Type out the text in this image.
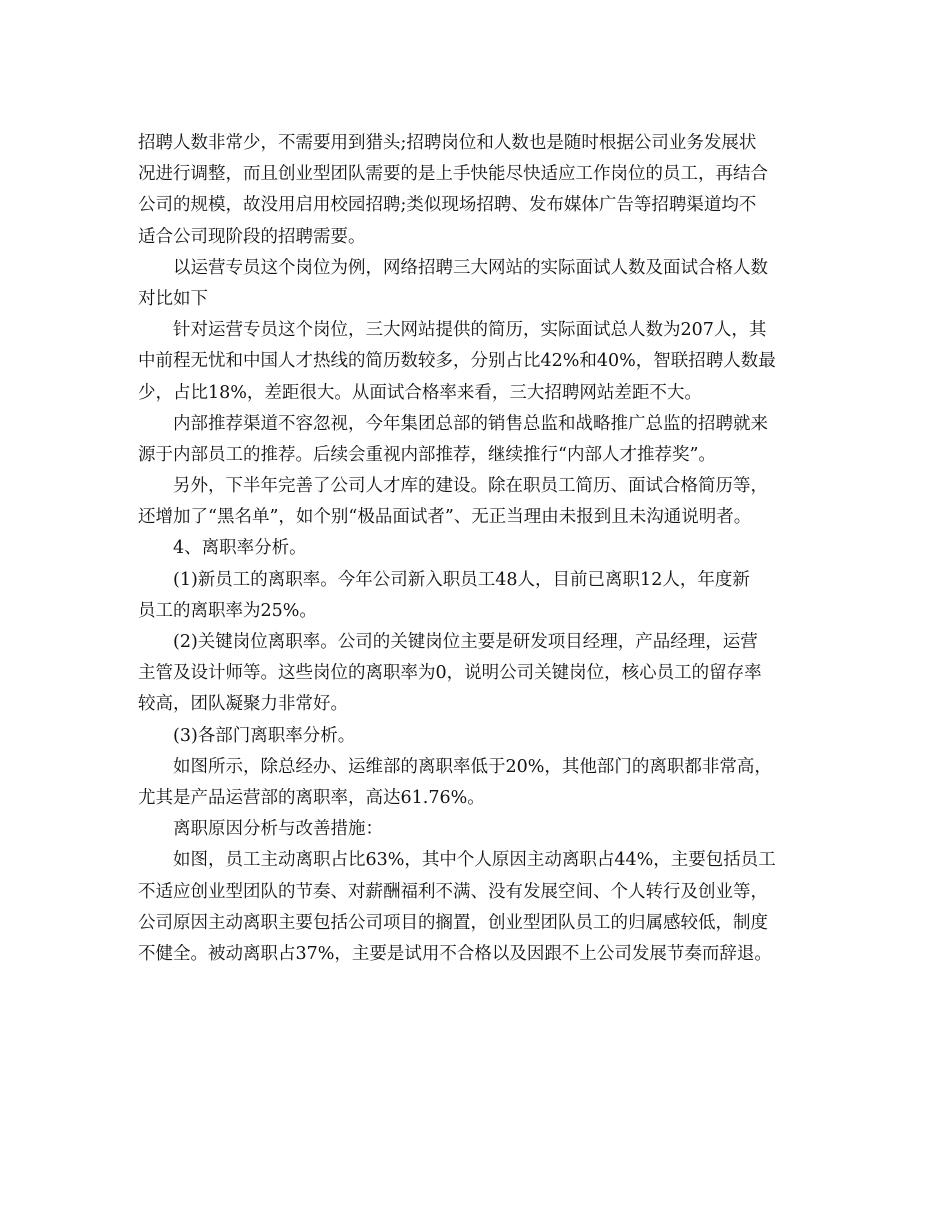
招聘人数非常少，不需要用到猎头;招聘岗位和人数也是随时根据公司业务发展状
况进行调整，而且创业型团队需要的是上手快能尽快适应工作岗位的员工，再结合
公司的规模，故没用启用校园招聘;类似现场招聘、发布媒体广告等招聘渠道均不
适合公司现阶段的招聘需要。
以运营专员这个岗位为例，网络招聘三大网站的实际面试人数及面试合格人数
对比如下
针对运营专员这个岗位，三大网站提供的简历，实际面试总人数为207人，其
中前程无忧和中国人才热线的简历数较多，分别占比42%和40%，智联招聘人数最
少，占比18%，差距很大。从面试合格率来看，三大招聘网站差距不大。
内部推荐渠道不容忽视，今年集团总部的销售总监和战略推广总监的招聘就来
源于内部员工的推荐。后续会重视内部推荐，继续推行“内部人才推荐奖”。
另外，下半年完善了公司人才库的建设。除在职员工简历、面试合格简历等，
还增加了“黑名单”，如个别“极品面试者”、无正当理由未报到且未沟通说明者。
4、离职率分析。
(1)新员工的离职率。今年公司新入职员工48人，目前已离职12人，年度新
员工的离职率为25%。
(2)关键岗位离职率。公司的关键岗位主要是研发项目经理，产品经理，运营
主管及设计师等。这些岗位的离职率为0，说明公司关键岗位，核心员工的留存率
较高，团队凝聚力非常好。
(3)各部门离职率分析。
如图所示，除总经办、运维部的离职率低于20%，其他部门的离职都非常高，
尤其是产品运营部的离职率，高达61.76%。
离职原因分析与改善措施：
如图，员工主动离职占比63%，其中个人原因主动离职占44%，主要包括员工
不适应创业型团队的节奏、对薪酬福利不满、没有发展空间、个人转行及创业等，
公司原因主动离职主要包括公司项目的搁置，创业型团队员工的归属感较低，制度
不健全。被动离职占37%，主要是试用不合格以及因跟不上公司发展节奏而辞退。
